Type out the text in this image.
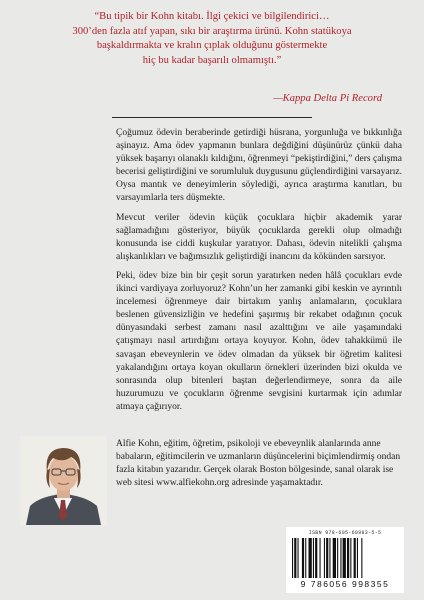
“Bu tipik bir Kohn kitabı. İlgi çekici ve bilgilendirici…

300’den fazla atıf yapan, sıkı bir araştırma ürünü. Kohn statükoya

başkaldırmakta ve kralın çıplak olduğunu göstermekte

hiç bu kadar başarılı olmamıştı.”

—Kappa Delta Pi Record

Çoğumuz ödevin beraberinde getirdiği hüsrana, yorgunluğa ve bıkkınlığa aşinayız. Ama ödev yapmanın bunlara değdiğini düşünürüz çünkü daha yüksek başarıyı olanaklı kıldığını, öğrenmeyi “pekiştirdiğini,” ders çalışma becerisi geliştirdiğini ve sorumluluk duygusunu güçlendirdiğini varsayarız. Oysa mantık ve deneyimlerin söylediği, ayrıca araştırma kanıtları, bu varsayımlarla ters düşmekte.

Mevcut veriler ödevin küçük çocuklara hiçbir akademik yarar sağlamadığını gösteriyor, büyük çocuklarda gerekli olup olmadığı konusunda ise ciddi kuşkular yaratıyor. Dahası, ödevin nitelikli çalışma alışkanlıkları ve bağımsızlık geliştirdiği inancını da kökünden sarsıyor.

Peki, ödev bize bin bir çeşit sorun yaratırken neden hâlâ çocukları evde ikinci vardiyaya zorluyoruz? Kohn’un her zamanki gibi keskin ve ayrıntılı incelemesi öğrenmeye dair birtakım yanlış anlamaların, çocuklara beslenen güvensizliğin ve hedefini şaşırmış bir rekabet odağının çocuk dünyasındaki serbest zamanı nasıl azalttığını ve aile yaşamındaki çatışmayı nasıl artırdığını ortaya koyuyor. Kohn, ödev tahakkümü ile savaşan ebeveynlerin ve ödev olmadan da yüksek bir öğretim kalitesi yakalandığını ortaya koyan okulların örnekleri üzerinden bizi okulda ve sonrasında olup bitenleri baştan değerlendirmeye, sonra da aile huzurumuzu ve çocukların öğrenme sevgisini kurtarmak için adımlar atmaya çağırıyor.

Alfie Kohn, eğitim, öğretim, psikoloji ve ebeveynlik alanlarında anne babaların, eğitimcilerin ve uzmanların düşüncelerini biçimlendirmiş ondan fazla kitabın yazarıdır. Gerçek olarak Boston bölgesinde, sanal olarak ise web sitesi www.alfiekohn.org adresinde yaşamaktadır.

ISBN 978-605-69983-5-5
9 786056 998355
